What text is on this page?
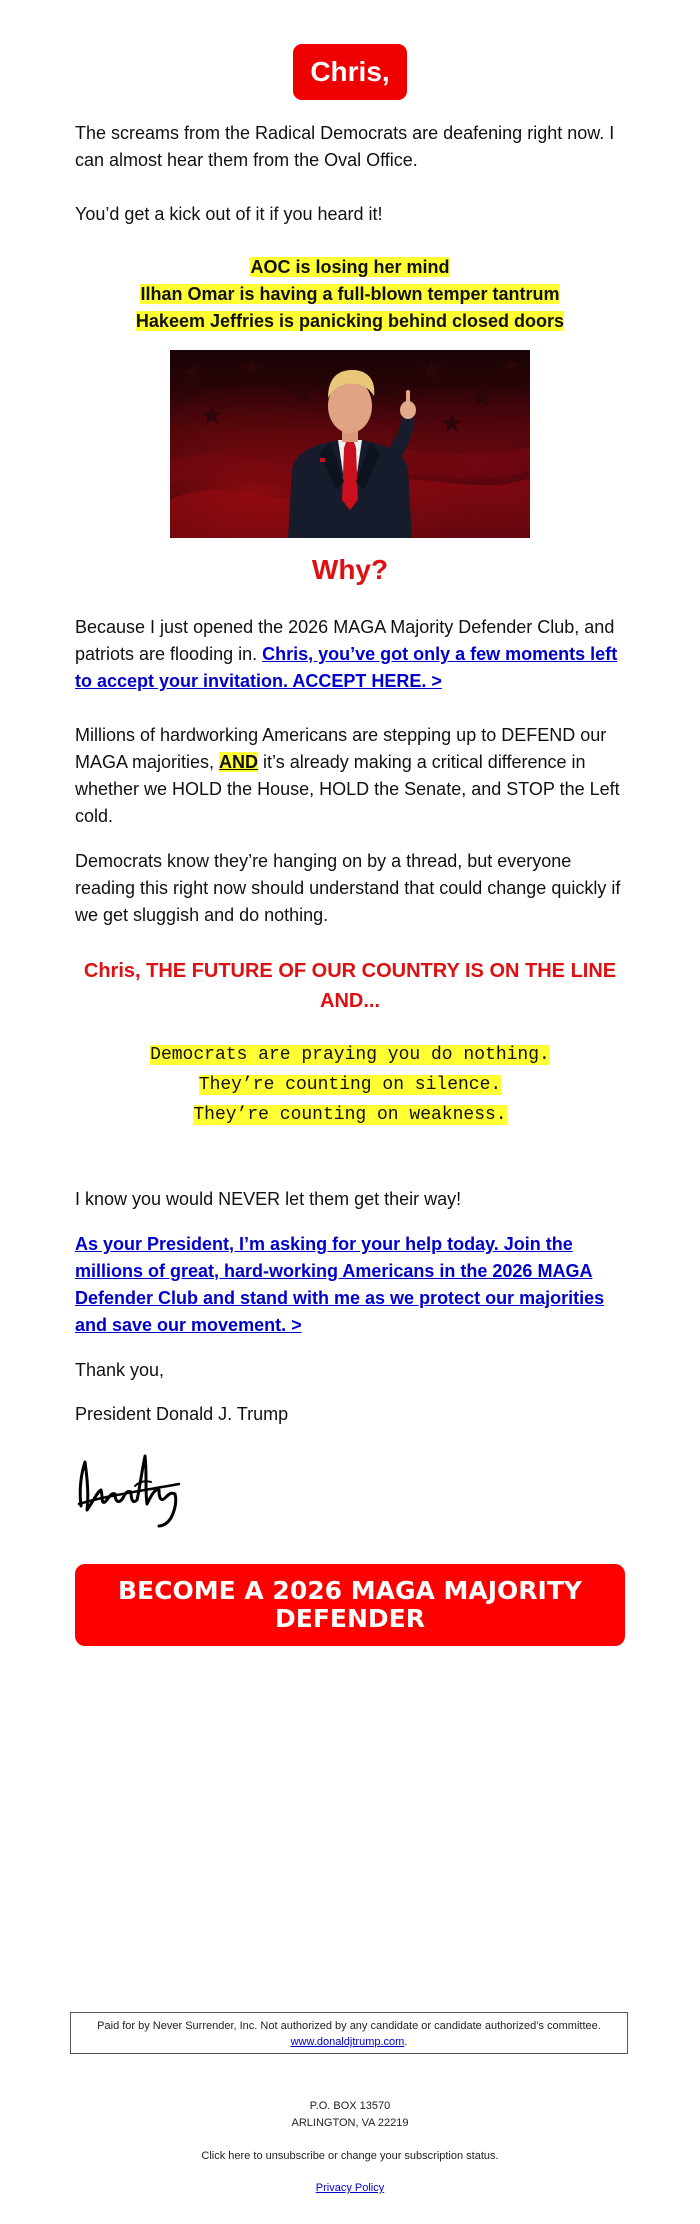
Chris,

The screams from the Radical Democrats are deafening right now. I can almost hear them from the Oval Office.

You’d get a kick out of it if you heard it!

AOC is losing her mind
Ilhan Omar is having a full-blown temper tantrum
Hakeem Jeffries is panicking behind closed doors
★ ★
★
★
★
★
★
★
Why?

Because I just opened the 2026 MAGA Majority Defender Club, and patriots are flooding in. Chris, you’ve got only a few moments left to accept your invitation. ACCEPT HERE. >

Millions of hardworking Americans are stepping up to DEFEND our MAGA majorities, AND it’s already making a critical difference in whether we HOLD the House, HOLD the Senate, and STOP the Left cold.

Democrats know they’re hanging on by a thread, but everyone reading this right now should understand that could change quickly if we get sluggish and do nothing.

Chris, THE FUTURE OF OUR COUNTRY IS ON THE LINE
AND...
Democrats are praying you do nothing.
They’re counting on silence.
They’re counting on weakness.

I know you would NEVER let them get their way!

As your President, I’m asking for your help today. Join the millions of great, hard-working Americans in the 2026 MAGA Defender Club and stand with me as we protect our majorities and save our movement. >

Thank you,

President Donald J. Trump

BECOME A 2026 MAGA MAJORITY DEFENDER
Paid for by Never Surrender, Inc. Not authorized by any candidate or candidate authorized’s committee.
www.donaldjtrump.com.
P.O. BOX 13570
ARLINGTON, VA 22219
Click here to unsubscribe or change your subscription status.
Privacy Policy
